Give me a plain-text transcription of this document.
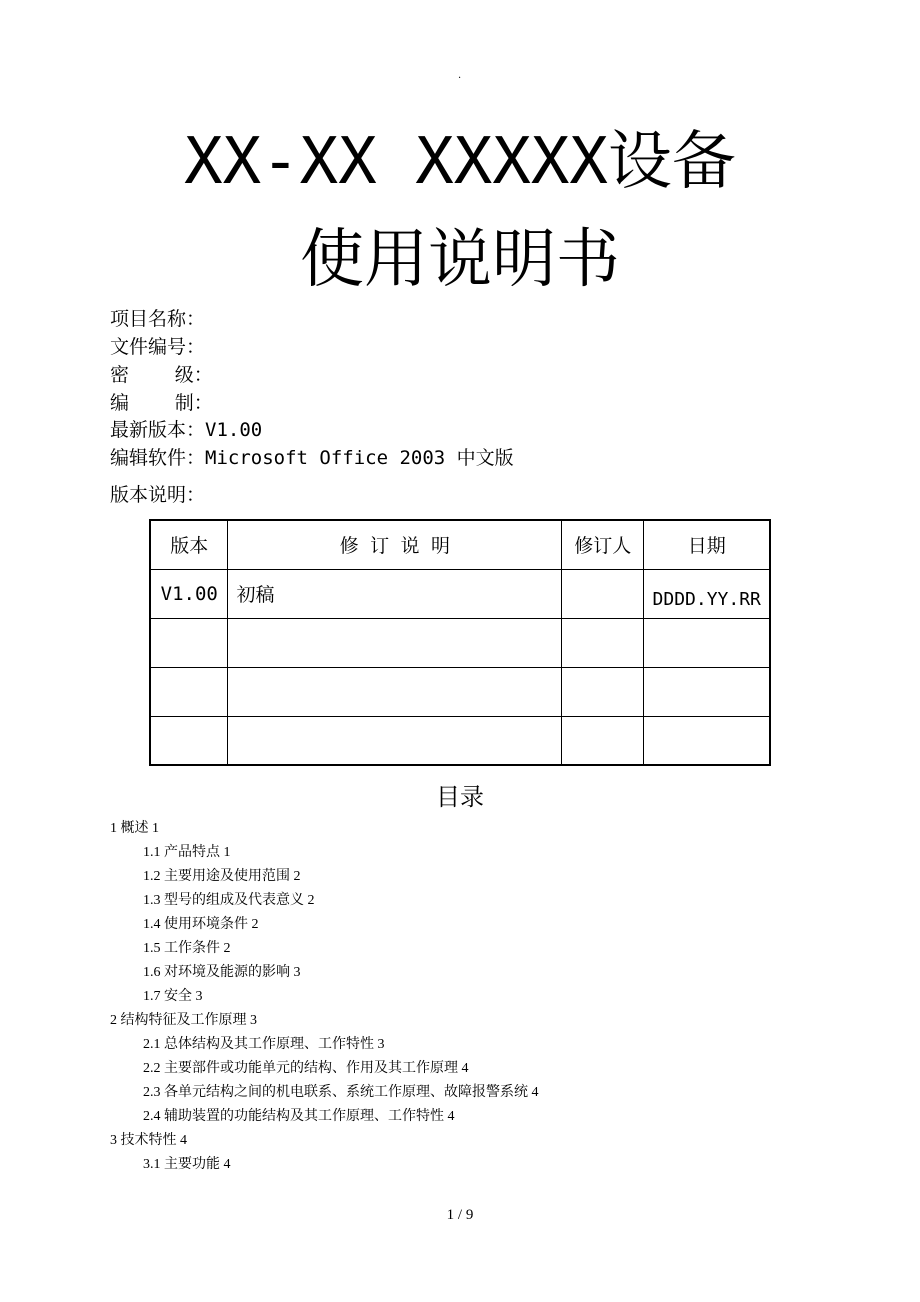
.
XX-XX XXXXX设备
使用说明书
项目名称：
文件编号：
密    级：
编    制：
最新版本：V1.00
编辑软件：Microsoft Office 2003 中文版
版本说明：
版本	修 订 说 明	修订人	日期
V1.00	初稿		DDDD.YY.RR

目录
1 概述 1
1.1 产品特点 1
1.2 主要用途及使用范围 2
1.3 型号的组成及代表意义 2
1.4 使用环境条件 2
1.5 工作条件 2
1.6 对环境及能源的影响 3
1.7 安全 3
2 结构特征及工作原理 3
2.1 总体结构及其工作原理、工作特性 3
2.2 主要部件或功能单元的结构、作用及其工作原理 4
2.3 各单元结构之间的机电联系、系统工作原理、故障报警系统 4
2.4 辅助装置的功能结构及其工作原理、工作特性 4
3 技术特性 4
3.1 主要功能 4
1 / 9
